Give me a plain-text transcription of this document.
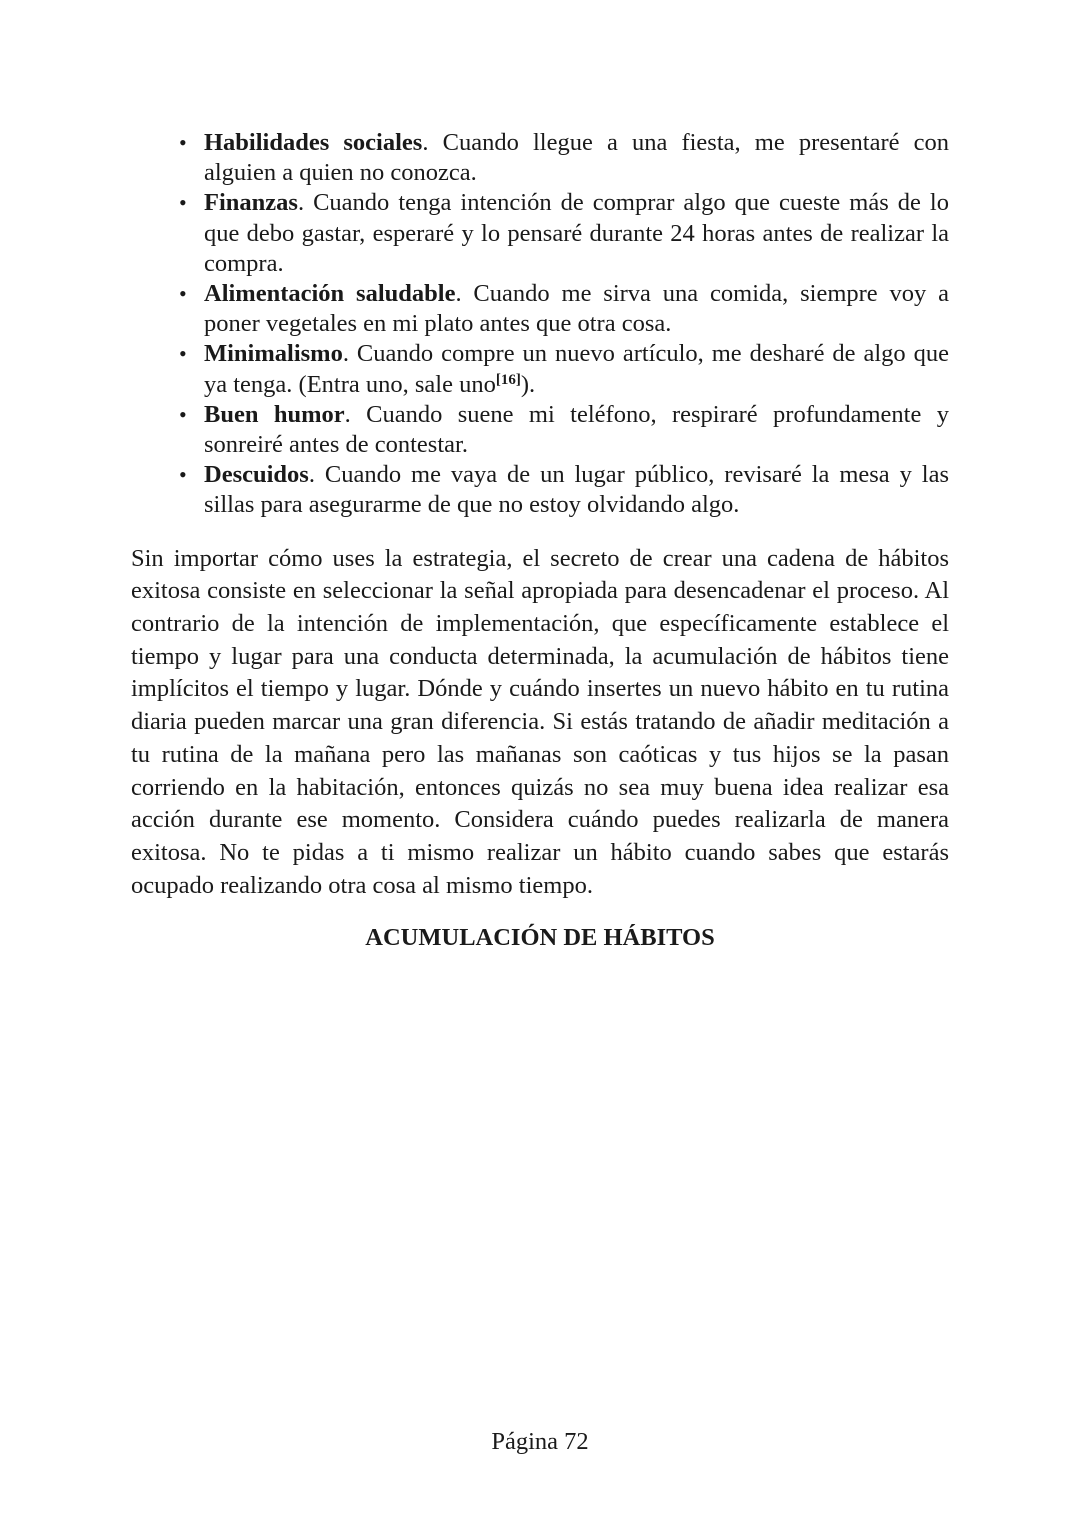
• Habilidades sociales. Cuando llegue a una fiesta, me presentaré con alguien a quien no conozca.
• Finanzas. Cuando tenga intención de comprar algo que cueste más de lo que debo gastar, esperaré y lo pensaré durante 24 horas antes de realizar la compra.
• Alimentación saludable. Cuando me sirva una comida, siempre voy a poner vegetales en mi plato antes que otra cosa.
• Minimalismo. Cuando compre un nuevo artículo, me desharé de algo que ya tenga. (Entra uno, sale uno[16]).
• Buen humor. Cuando suene mi teléfono, respiraré profundamente y sonreiré antes de contestar.
• Descuidos. Cuando me vaya de un lugar público, revisaré la mesa y las sillas para asegurarme de que no estoy olvidando algo.

Sin importar cómo uses la estrategia, el secreto de crear una cadena de hábitos exitosa consiste en seleccionar la señal apropiada para desencadenar el proceso. Al contrario de la intención de implementación, que específicamente establece el tiempo y lugar para una conducta determinada, la acumulación de hábitos tiene implícitos el tiempo y lugar. Dónde y cuándo insertes un nuevo hábito en tu rutina diaria pueden marcar una gran diferencia. Si estás tratando de añadir meditación a tu rutina de la mañana pero las mañanas son caóticas y tus hijos se la pasan corriendo en la habitación, entonces quizás no sea muy buena idea realizar esa acción durante ese momento. Considera cuándo puedes realizarla de manera exitosa. No te pidas a ti mismo realizar un hábito cuando sabes que estarás ocupado realizando otra cosa al mismo tiempo.

ACUMULACIÓN DE HÁBITOS
Página 72
